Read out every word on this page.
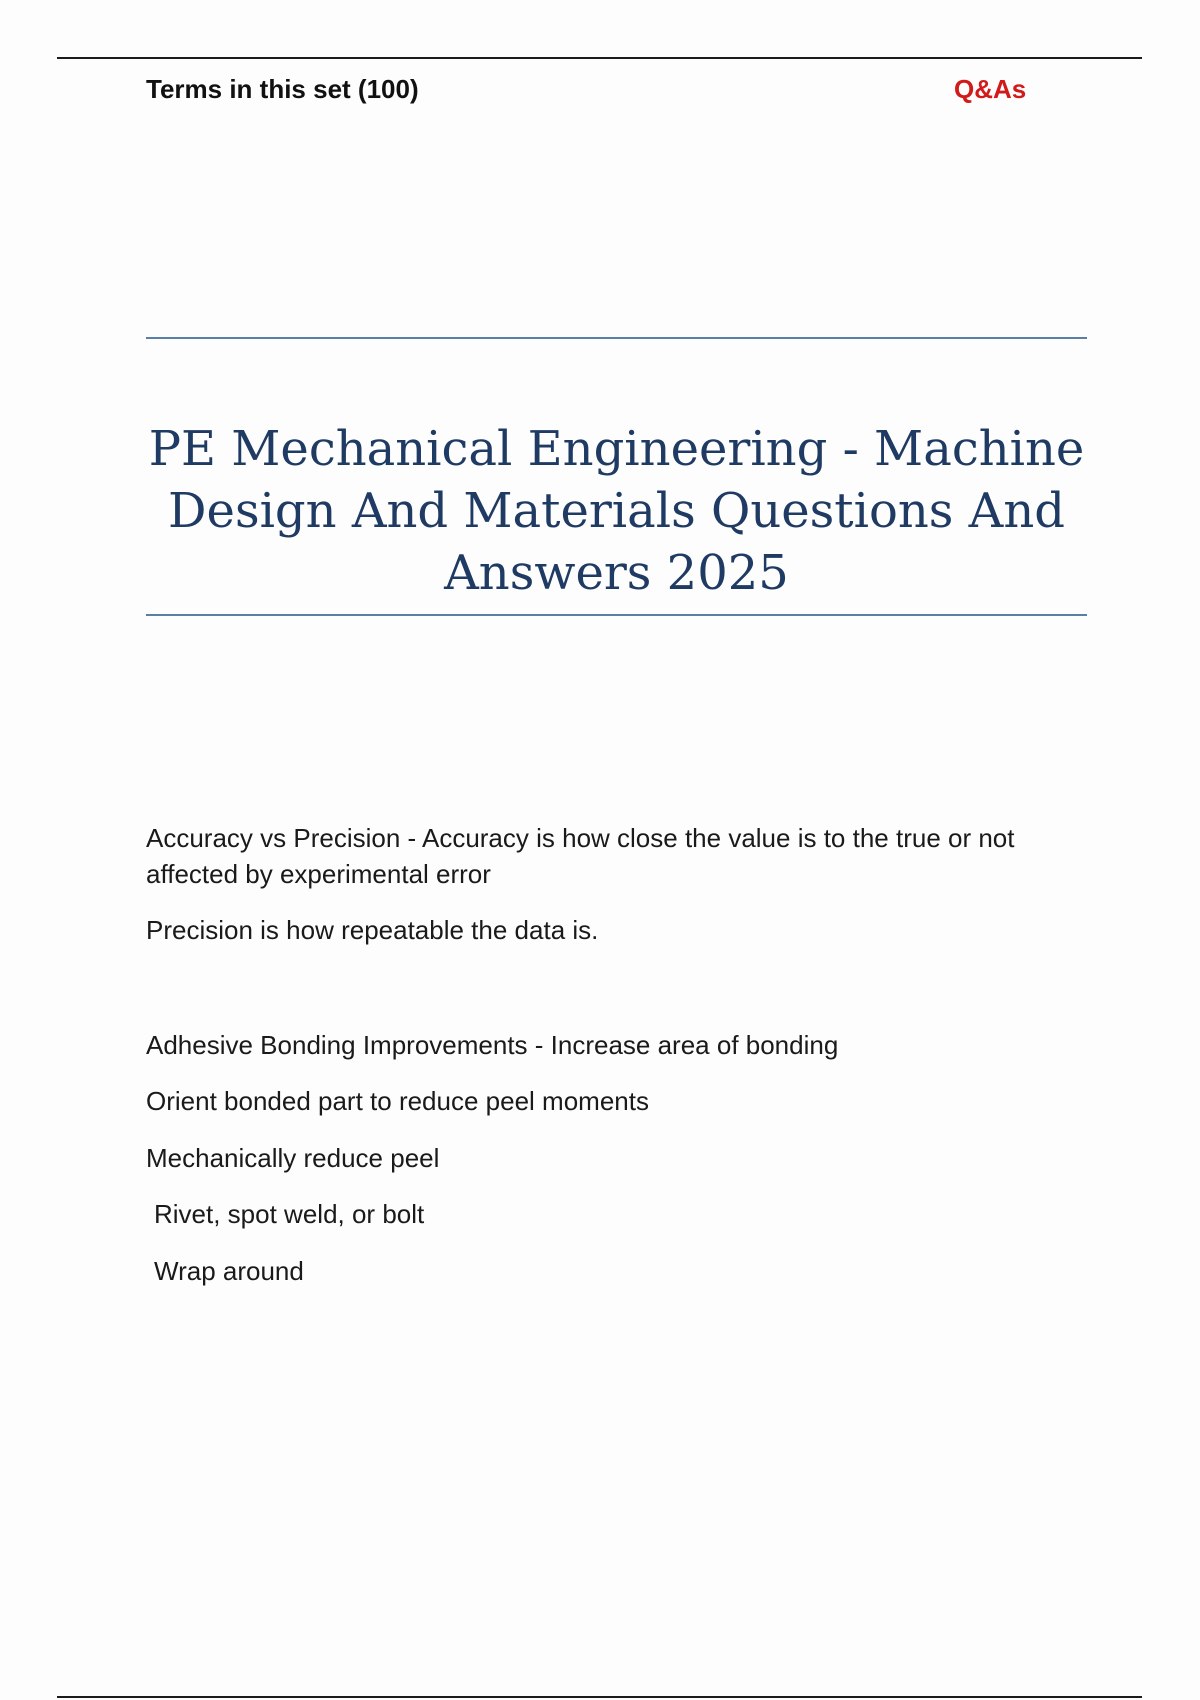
Terms in this set (100)	Q&As
PE Mechanical Engineering - Machine Design And Materials Questions And Answers 2025

Accuracy vs Precision - Accuracy is how close the value is to the true or not affected by experimental error

Precision is how repeatable the data is.

Adhesive Bonding Improvements - Increase area of bonding

Orient bonded part to reduce peel moments

Mechanically reduce peel

Rivet, spot weld, or bolt

Wrap around
